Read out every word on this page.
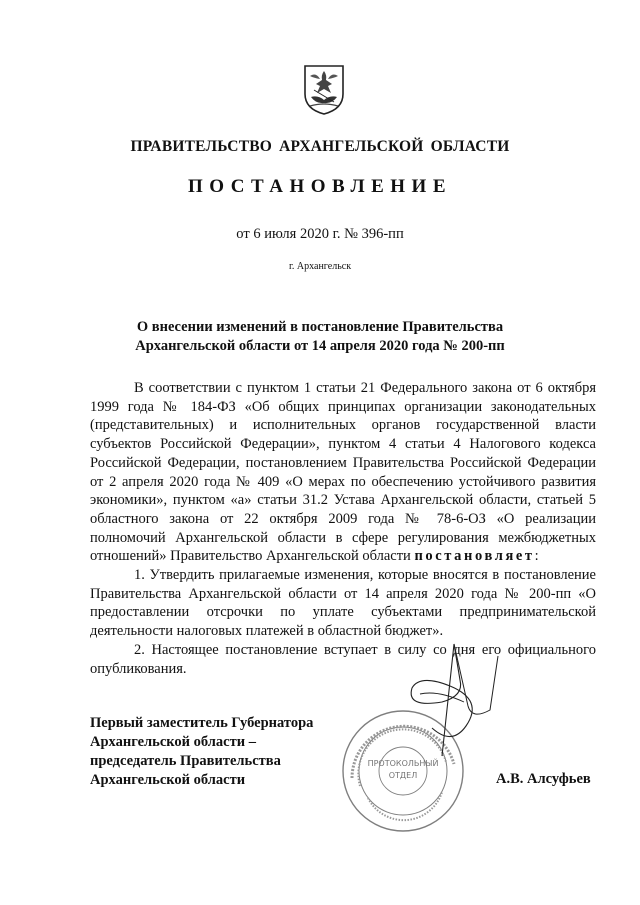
ПРАВИТЕЛЬСТВО АРХАНГЕЛЬСКОЙ ОБЛАСТИ
ПОСТАНОВЛЕНИЕ
от 6 июля 2020 г. № 396-пп
г. Архангельск
О внесении изменений в постановление Правительства
Архангельской области от 14 апреля 2020 года № 200-пп

В соответствии с пунктом 1 статьи 21 Федерального закона от 6 октября 1999 года № 184-ФЗ «Об общих принципах организации законодательных (представительных) и исполнительных органов государственной власти субъектов Российской Федерации», пунктом 4 статьи 4 Налогового кодекса Российской Федерации, постановлением Правительства Российской Федерации от 2 апреля 2020 года № 409 «О мерах по обеспечению устойчивого развития экономики», пунктом «а» статьи 31.2 Устава Архангельской области, статьей 5 областного закона от 22 октября 2009 года № 78-6-ОЗ «О реализации полномочий Архангельской области в сфере регулирования межбюджетных отношений» Правительство Архангельской области постановляет:

1. Утвердить прилагаемые изменения, которые вносятся в постановление Правительства Архангельской области от 14 апреля 2020 года № 200-пп «О предоставлении отсрочки по уплате субъектами предпринимательской деятельности налоговых платежей в областной бюджет».

2. Настоящее постановление вступает в силу со дня его официального опубликования.

Первый заместитель Губернатора
Архангельской области –
председатель Правительства
Архангельской области
ПРОТОКОЛЬНЫЙ
ОТДЕЛ	А.В. Алсуфьев
